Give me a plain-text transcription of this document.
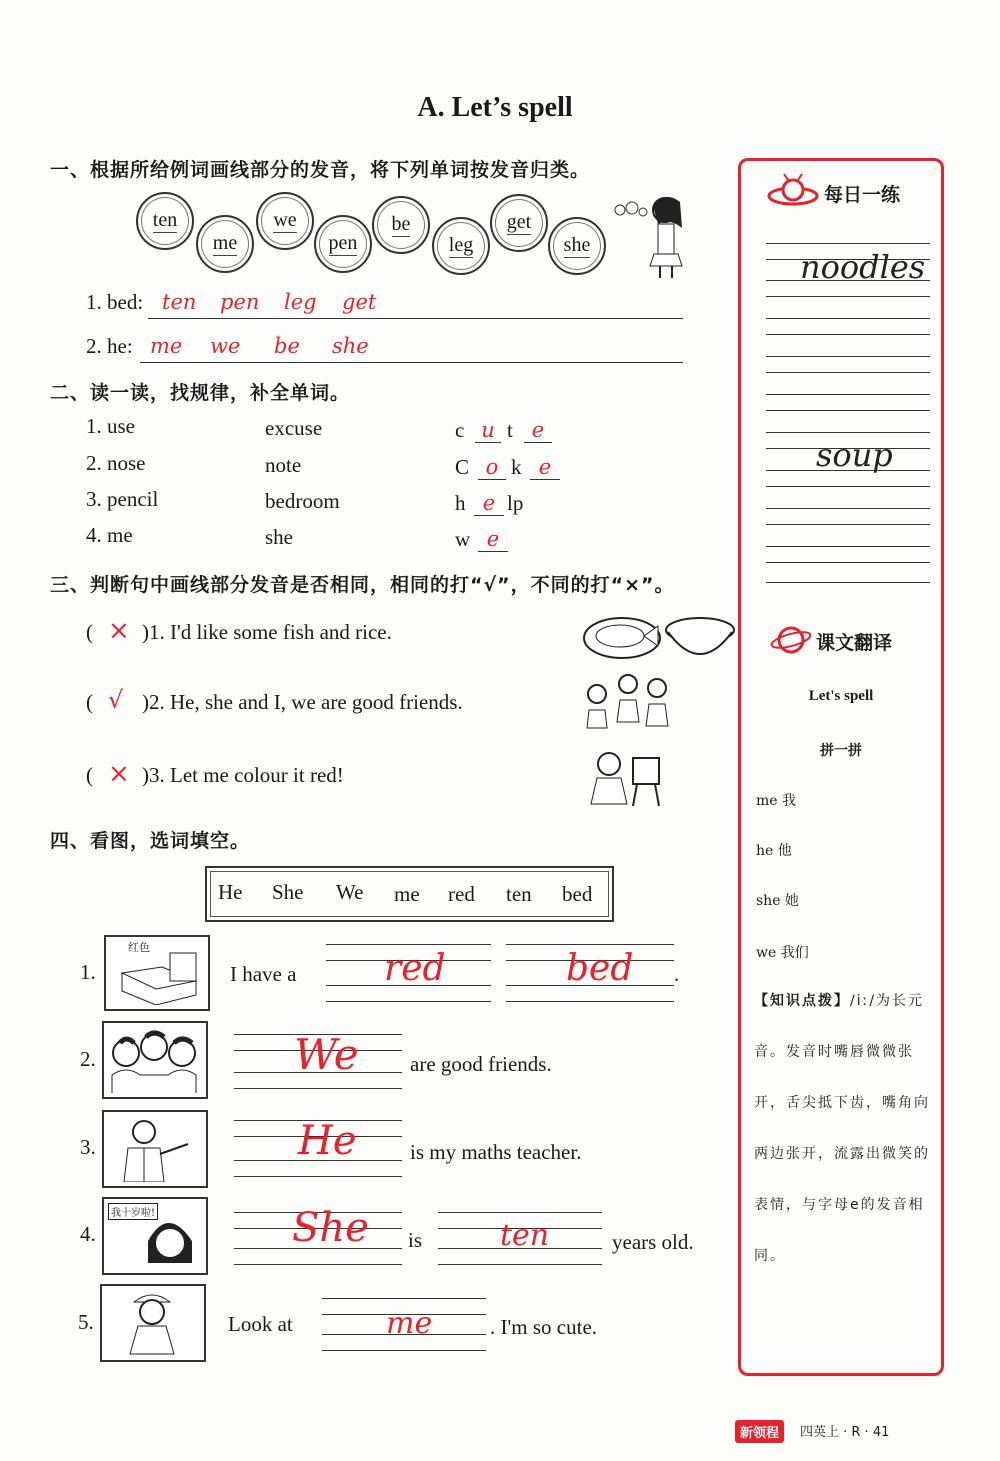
A. Let’s spell
一、根据所给例词画线部分的发音，将下列单词按发音归类。
ten
me
we
pen
be
leg
get
she
1. bed: ten pen leg get
2. he: me we be she
二、读一读，找规律，补全单词。
1. use	excuse	c u t e
2. nose	note	C o k e
3. pencil	bedroom	h e lp
4. me	she	w e
三、判断句中画线部分发音是否相同，相同的打“√”，不同的打“×”。
( × )1. I'd like some fish and rice.
( √ )2. He, she and I, we are good friends.
( × )3. Let me colour it red!
四、看图，选词填空。
He She We me red ten bed
1.
红色
I have a red	bed .
2.	We are good friends.
3.	He	is my maths teacher.
4.
我十岁啦!	She is	ten	years old.
5.	Look at	me	. I'm so cute.
每日一练
noodles
soup
课文翻译
Let's spell
拼一拼
me 我
he 他
she 她
we 我们
【知识点拨】/iː/为长元音。发音时嘴唇微微张开，舌尖抵下齿，嘴角向两边张开，流露出微笑的表情，与字母e的发音相同。
新领程	四英上 · R · 41
